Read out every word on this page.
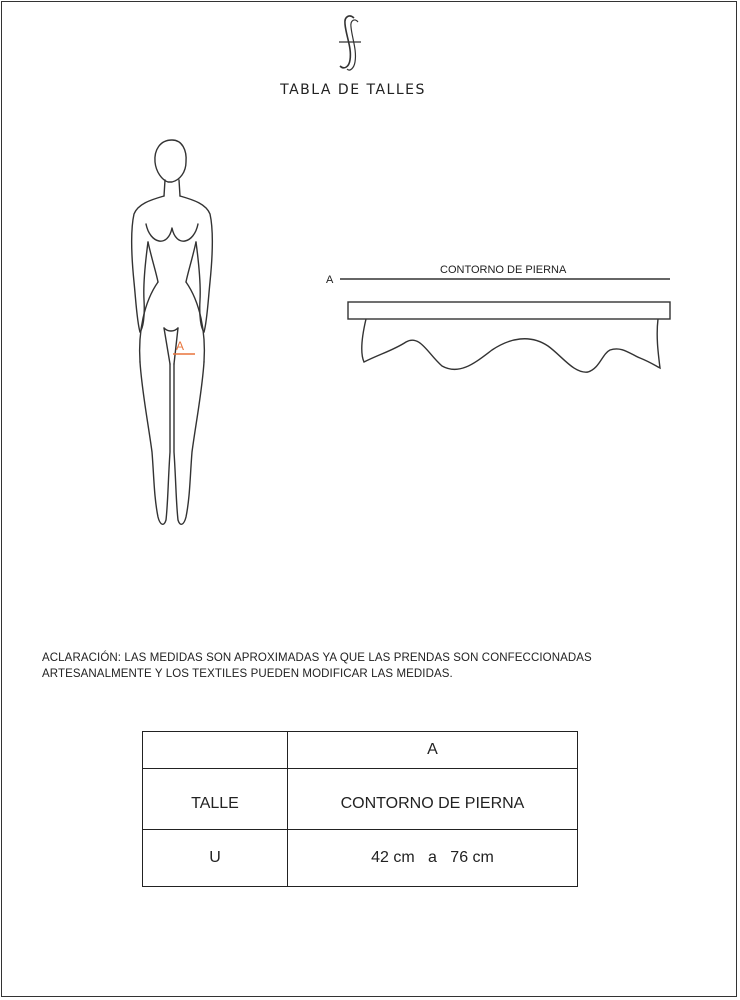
TABLA DE TALLES
A
A
CONTORNO DE PIERNA
ACLARACIÓN: LAS MEDIDAS SON APROXIMADAS YA QUE LAS PRENDAS SON CONFECCIONADAS
ARTESANALMENTE Y LOS TEXTILES PUEDEN MODIFICAR LAS MEDIDAS.
	A
TALLE	CONTORNO DE PIERNA
U	42 cm a 76 cm
